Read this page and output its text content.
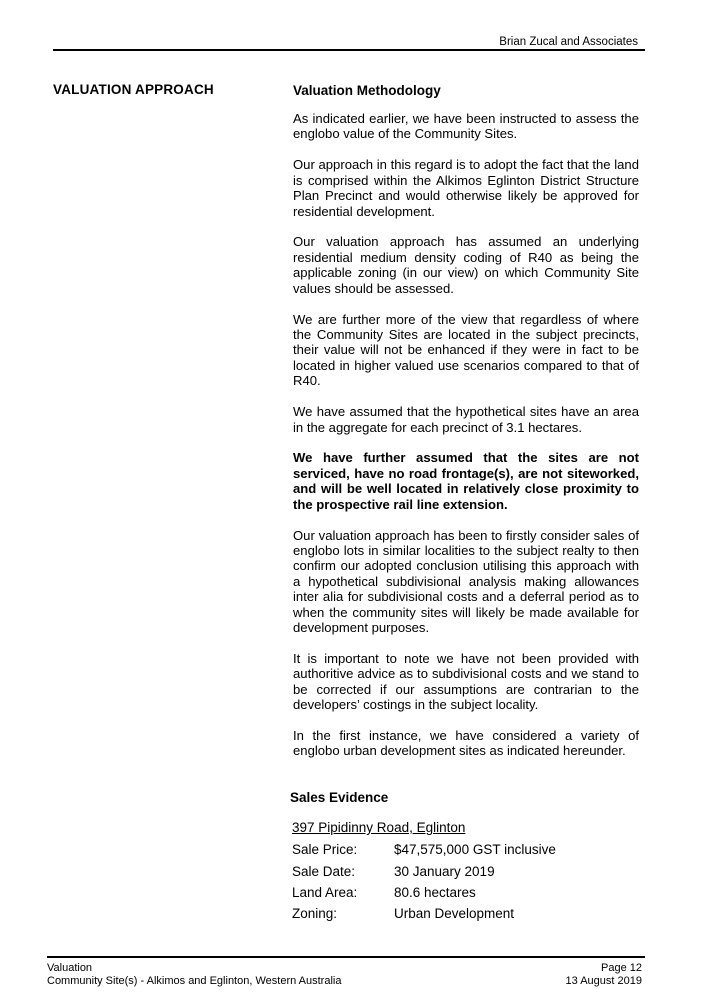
Brian Zucal and Associates
VALUATION APPROACH	Valuation Methodology

As indicated earlier, we have been instructed to assess the englobo value of the Community Sites.

Our approach in this regard is to adopt the fact that the land is comprised within the Alkimos Eglinton District Structure Plan Precinct and would otherwise likely be approved for residential development.

Our valuation approach has assumed an underlying residential medium density coding of R40 as being the applicable zoning (in our view) on which Community Site values should be assessed.

We are further more of the view that regardless of where the Community Sites are located in the subject precincts, their value will not be enhanced if they were in fact to be located in higher valued use scenarios compared to that of R40.

We have assumed that the hypothetical sites have an area in the aggregate for each precinct of 3.1 hectares.

We have further assumed that the sites are not serviced, have no road frontage(s), are not siteworked, and will be well located in relatively close proximity to the prospective rail line extension.

Our valuation approach has been to firstly consider sales of englobo lots in similar localities to the subject realty to then confirm our adopted conclusion utilising this approach with a hypothetical subdivisional analysis making allowances inter alia for subdivisional costs and a deferral period as to when the community sites will likely be made available for development purposes.

It is important to note we have not been provided with authoritive advice as to subdivisional costs and we stand to be corrected if our assumptions are contrarian to the developers’ costings in the subject locality.

In the first instance, we have considered a variety of englobo urban development sites as indicated hereunder.

Sales Evidence
397 Pipidinny Road, Eglinton
Sale Price:	$47,575,000 GST inclusive
Sale Date:	30 January 2019
Land Area:	80.6 hectares
Zoning:	Urban Development
Valuation
Community Site(s) - Alkimos and Eglinton, Western Australia
Page 12
13 August 2019
